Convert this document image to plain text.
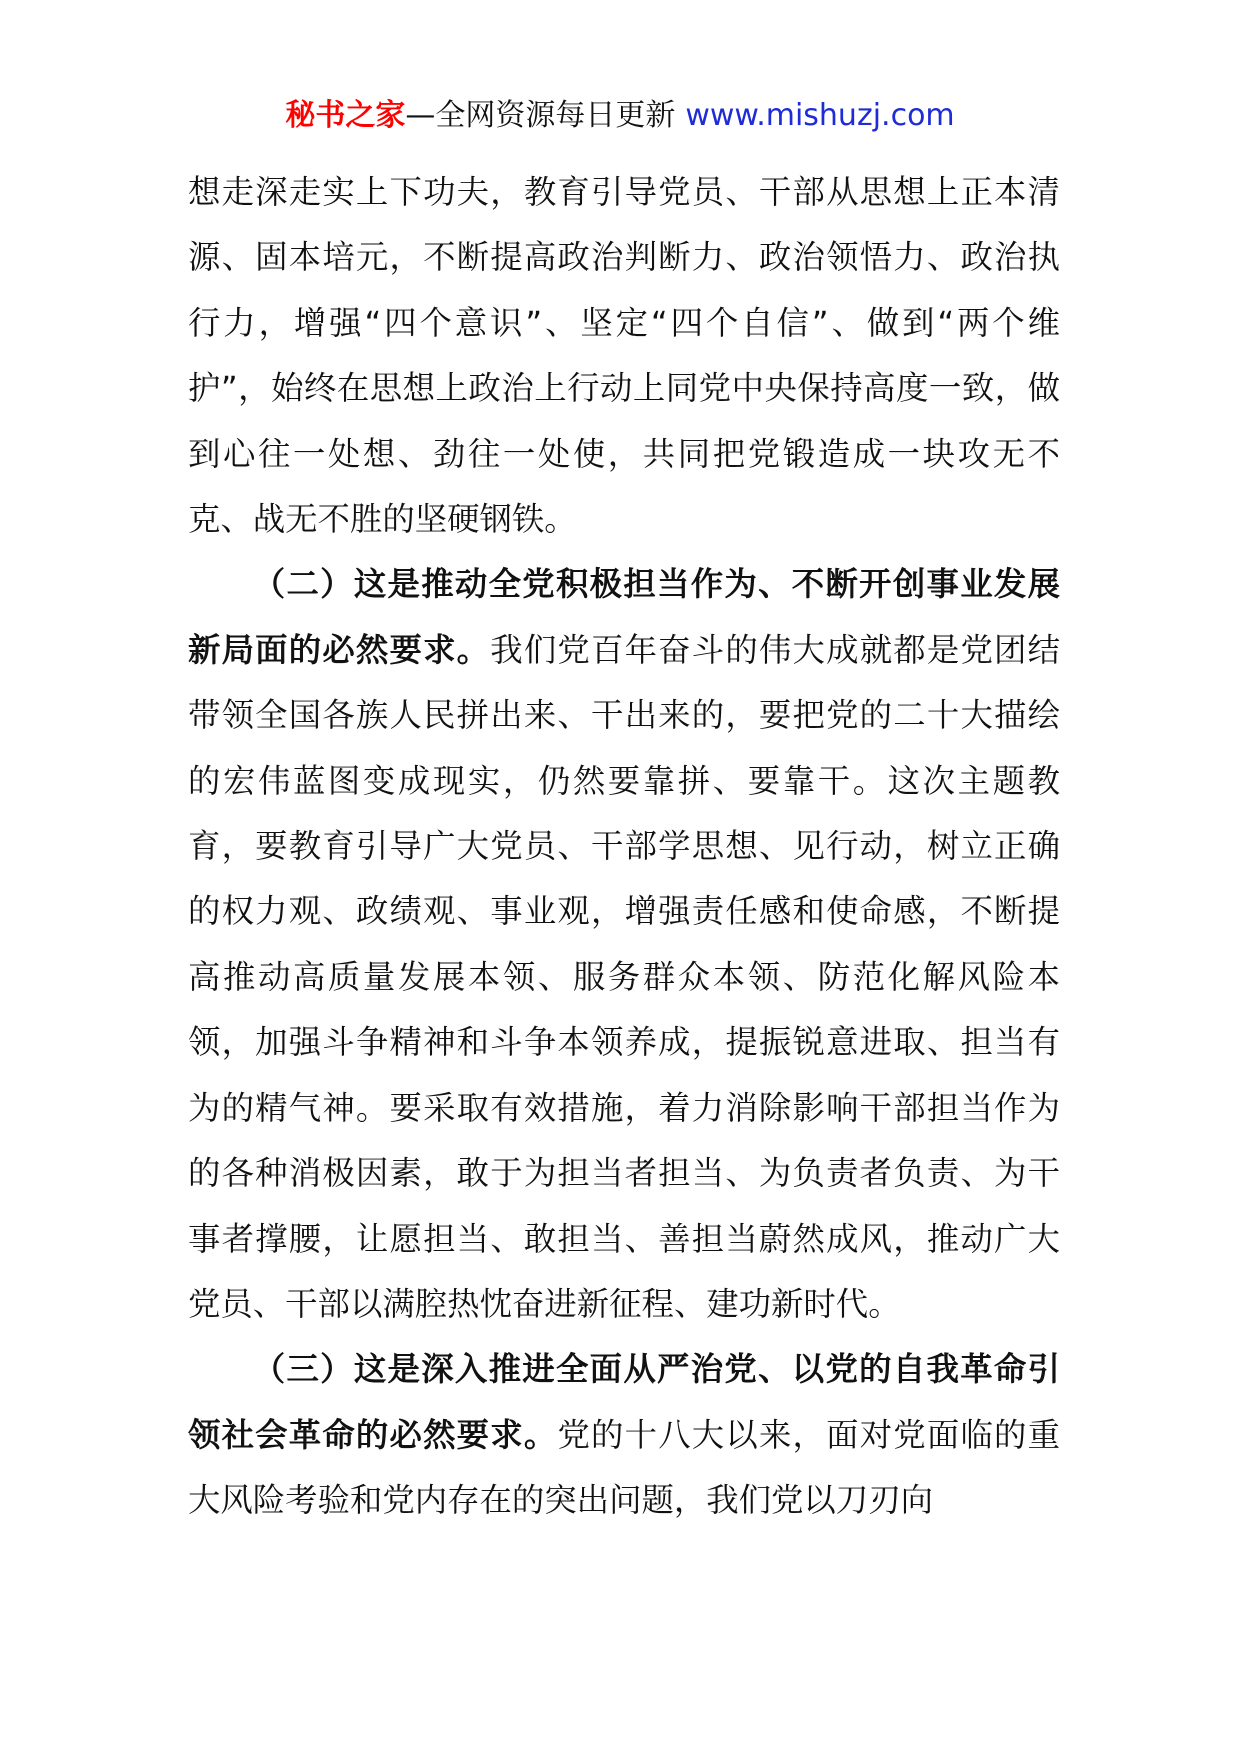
秘书之家—全网资源每日更新 www.mishuzj.com

想走深走实上下功夫，教育引导党员、干部从思想上正本清源、固本培元，不断提高政治判断力、政治领悟力、政治执行力，增强“四个意识”、坚定“四个自信”、做到“两个维护”，始终在思想上政治上行动上同党中央保持高度一致，做到心往一处想、劲往一处使，共同把党锻造成一块攻无不克、战无不胜的坚硬钢铁。

（二）这是推动全党积极担当作为、不断开创事业发展新局面的必然要求。我们党百年奋斗的伟大成就都是党团结带领全国各族人民拼出来、干出来的，要把党的二十大描绘的宏伟蓝图变成现实，仍然要靠拼、要靠干。这次主题教育，要教育引导广大党员、干部学思想、见行动，树立正确的权力观、政绩观、事业观，增强责任感和使命感，不断提高推动高质量发展本领、服务群众本领、防范化解风险本领，加强斗争精神和斗争本领养成，提振锐意进取、担当有为的精气神。要采取有效措施，着力消除影响干部担当作为的各种消极因素，敢于为担当者担当、为负责者负责、为干事者撑腰，让愿担当、敢担当、善担当蔚然成风，推动广大党员、干部以满腔热忱奋进新征程、建功新时代。

（三）这是深入推进全面从严治党、以党的自我革命引领社会革命的必然要求。党的十八大以来，面对党面临的重大风险考验和党内存在的突出问题，我们党以刀刃向
